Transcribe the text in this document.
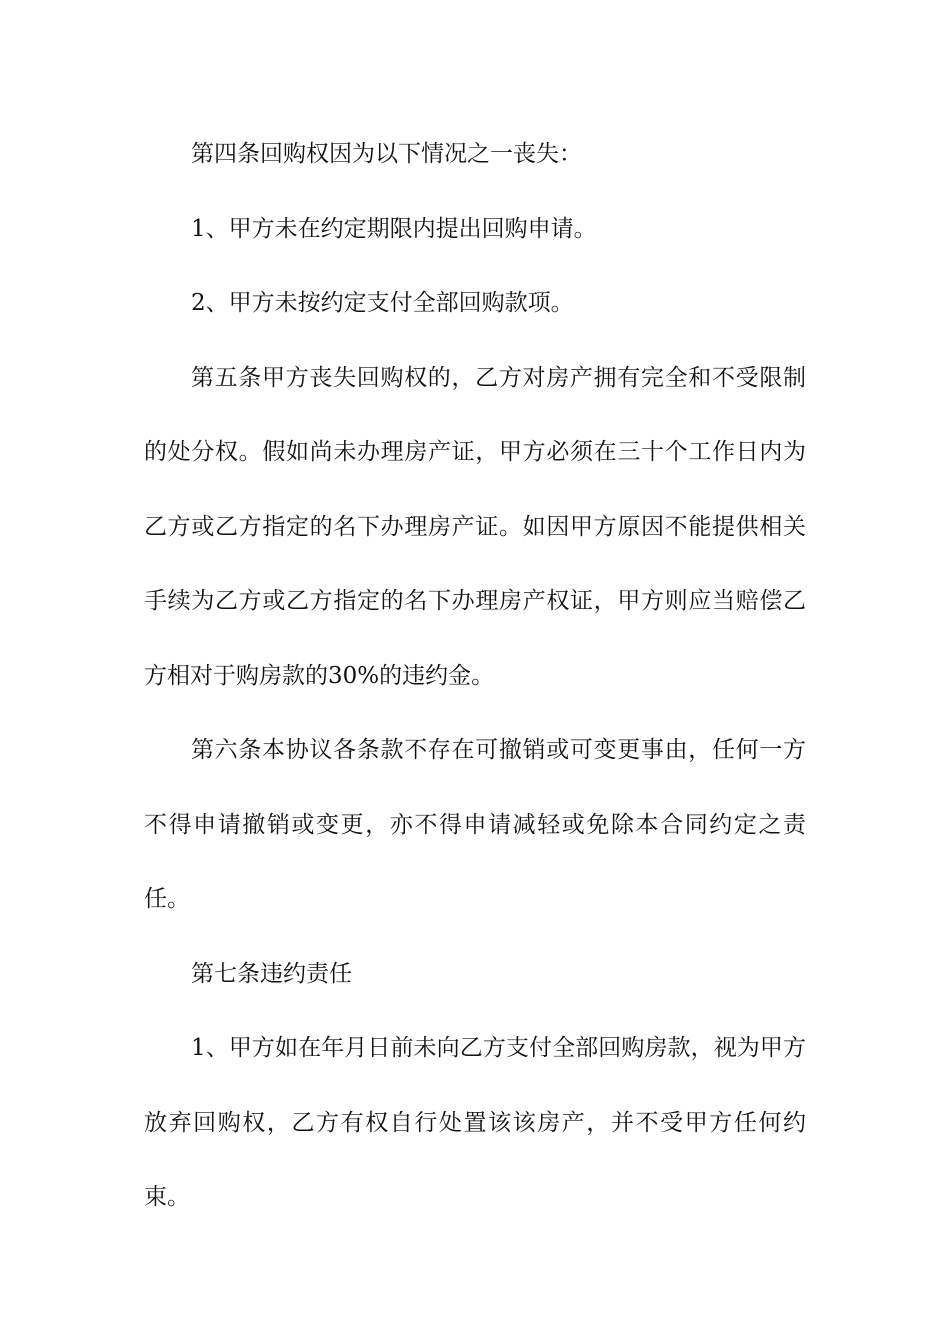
第四条回购权因为以下情况之一丧失：

1、甲方未在约定期限内提出回购申请。

2、甲方未按约定支付全部回购款项。

第五条甲方丧失回购权的，乙方对房产拥有完全和不受限制的处分权。假如尚未办理房产证，甲方必须在三十个工作日内为乙方或乙方指定的名下办理房产证。如因甲方原因不能提供相关手续为乙方或乙方指定的名下办理房产权证，甲方则应当赔偿乙方相对于购房款的30%的违约金。

第六条本协议各条款不存在可撤销或可变更事由，任何一方不得申请撤销或变更，亦不得申请减轻或免除本合同约定之责任。

第七条违约责任

1、甲方如在年月日前未向乙方支付全部回购房款，视为甲方放弃回购权，乙方有权自行处置该该房产，并不受甲方任何约束。
